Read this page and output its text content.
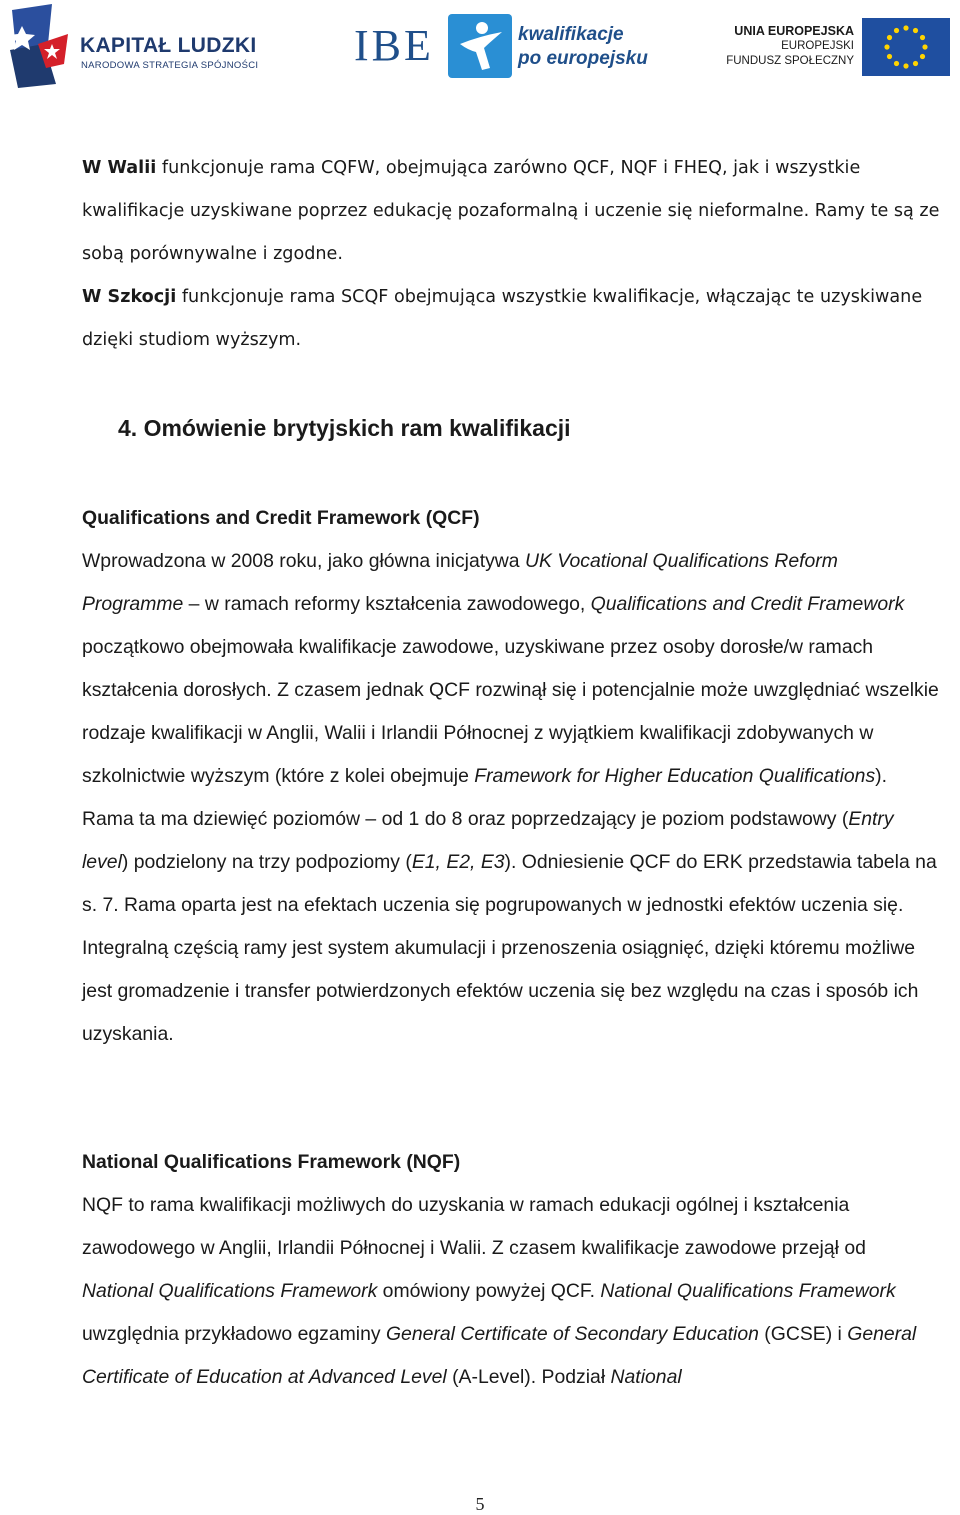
KAPITAŁ LUDZKI
NARODOWA STRATEGIA SPÓJNOŚCI IBE	kwalifikacje
po europejsku
UNIA EUROPEJSKA
EUROPEJSKI
FUNDUSZ SPOŁECZNY

W Walii funkcjonuje rama CQFW, obejmująca zarówno QCF, NQF i FHEQ, jak i wszystkie kwalifikacje uzyskiwane poprzez edukację pozaformalną i uczenie się nieformalne. Ramy te są ze sobą porównywalne i zgodne.

W Szkocji funkcjonuje rama SCQF obejmująca wszystkie kwalifikacje, włączając te uzyskiwane dzięki studiom wyższym.

4. Omówienie brytyjskich ram kwalifikacji

Qualifications and Credit Framework (QCF)

Wprowadzona w 2008 roku, jako główna inicjatywa UK Vocational Qualifications Reform Programme – w ramach reformy kształcenia zawodowego, Qualifications and Credit Framework początkowo obejmowała kwalifikacje zawodowe, uzyskiwane przez osoby dorosłe/w ramach kształcenia dorosłych. Z czasem jednak QCF rozwinął się i potencjalnie może uwzględniać wszelkie rodzaje kwalifikacji w Anglii, Walii i Irlandii Północnej z wyjątkiem kwalifikacji zdobywanych w szkolnictwie wyższym (które z kolei obejmuje Framework for Higher Education Qualifications). Rama ta ma dziewięć poziomów – od 1 do 8 oraz poprzedzający je poziom podstawowy (Entry level) podzielony na trzy podpoziomy (E1, E2, E3). Odniesienie QCF do ERK przedstawia tabela na s. 7. Rama oparta jest na efektach uczenia się pogrupowanych w jednostki efektów uczenia się. Integralną częścią ramy jest system akumulacji i przenoszenia osiągnięć, dzięki któremu możliwe jest gromadzenie i transfer potwierdzonych efektów uczenia się bez względu na czas i sposób ich uzyskania.

National Qualifications Framework (NQF)

NQF to rama kwalifikacji możliwych do uzyskania w ramach edukacji ogólnej i kształcenia zawodowego w Anglii, Irlandii Północnej i Walii. Z czasem kwalifikacje zawodowe przejął od National Qualifications Framework omówiony powyżej QCF. National Qualifications Framework uwzględnia przykładowo egzaminy General Certificate of Secondary Education (GCSE) i General Certificate of Education at Advanced Level (A-Level). Podział National

5
